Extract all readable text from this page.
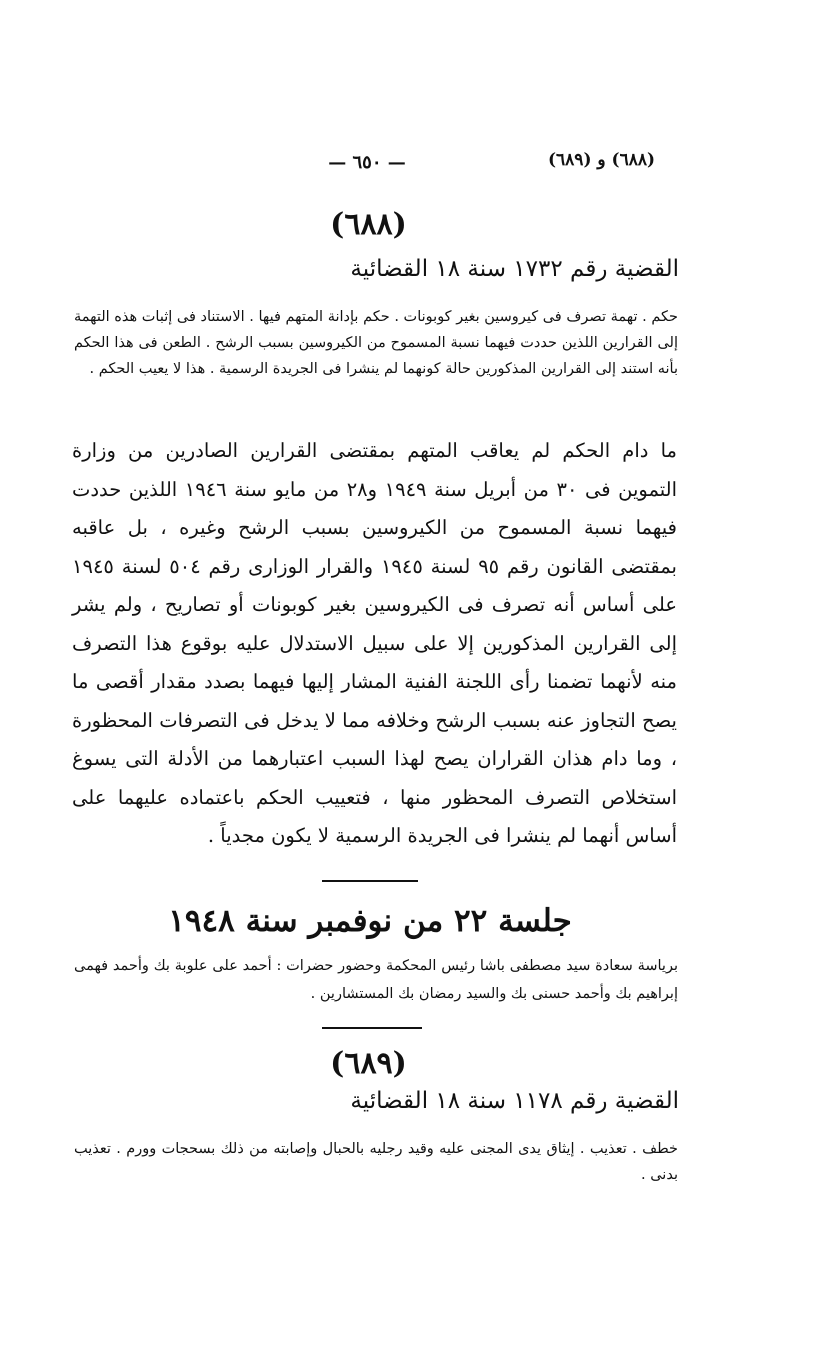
(٦٨٨) و (٦٨٩)
— ٦٥٠ —
(٦٨٨)
القضية رقم ١٧٣٢ سنة ١٨ القضائية
حكم . تهمة تصرف فى كيروسين بغير كوبونات . حكم بإدانة المتهم فيها . الاستناد فى إثبات هذه التهمة إلى القرارين اللذين حددت فيهما نسبة المسموح من الكيروسين بسبب الرشح . الطعن فى هذا الحكم بأنه استند إلى القرارين المذكورين حالة كونهما لم ينشرا فى الجريدة الرسمية . هذا لا يعيب الحكم .
ما دام الحكم لم يعاقب المتهم بمقتضى القرارين الصادرين من وزارة التموين فى ٣٠ من أبريل سنة ١٩٤٩ و٢٨ من مايو سنة ١٩٤٦ اللذين حددت فيهما نسبة المسموح من الكيروسين بسبب الرشح وغيره ، بل عاقبه بمقتضى القانون رقم ٩٥ لسنة ١٩٤٥ والقرار الوزارى رقم ٥٠٤ لسنة ١٩٤٥ على أساس أنه تصرف فى الكيروسين بغير كوبونات أو تصاريح ، ولم يشر إلى القرارين المذكورين إلا على سبيل الاستدلال عليه بوقوع هذا التصرف منه لأنهما تضمنا رأى اللجنة الفنية المشار إليها فيهما بصدد مقدار أقصى ما يصح التجاوز عنه بسبب الرشح وخلافه مما لا يدخل فى التصرفات المحظورة ، وما دام هذان القراران يصح لهذا السبب اعتبارهما من الأدلة التى يسوغ استخلاص التصرف المحظور منها ، فتعييب الحكم باعتماده عليهما على أساس أنهما لم ينشرا فى الجريدة الرسمية لا يكون مجدياً .
جلسة ٢٢ من نوفمبر سنة ١٩٤٨
برياسة سعادة سيد مصطفى باشا رئيس المحكمة وحضور حضرات : أحمد على علوبة بك وأحمد فهمى إبراهيم بك وأحمد حسنى بك والسيد رمضان بك المستشارين .
(٦٨٩)
القضية رقم ١١٧٨ سنة ١٨ القضائية
خطف . تعذيب . إيثاق يدى المجنى عليه وقيد رجليه بالحبال وإصابته من ذلك بسحجات وورم . تعذيب بدنى .
